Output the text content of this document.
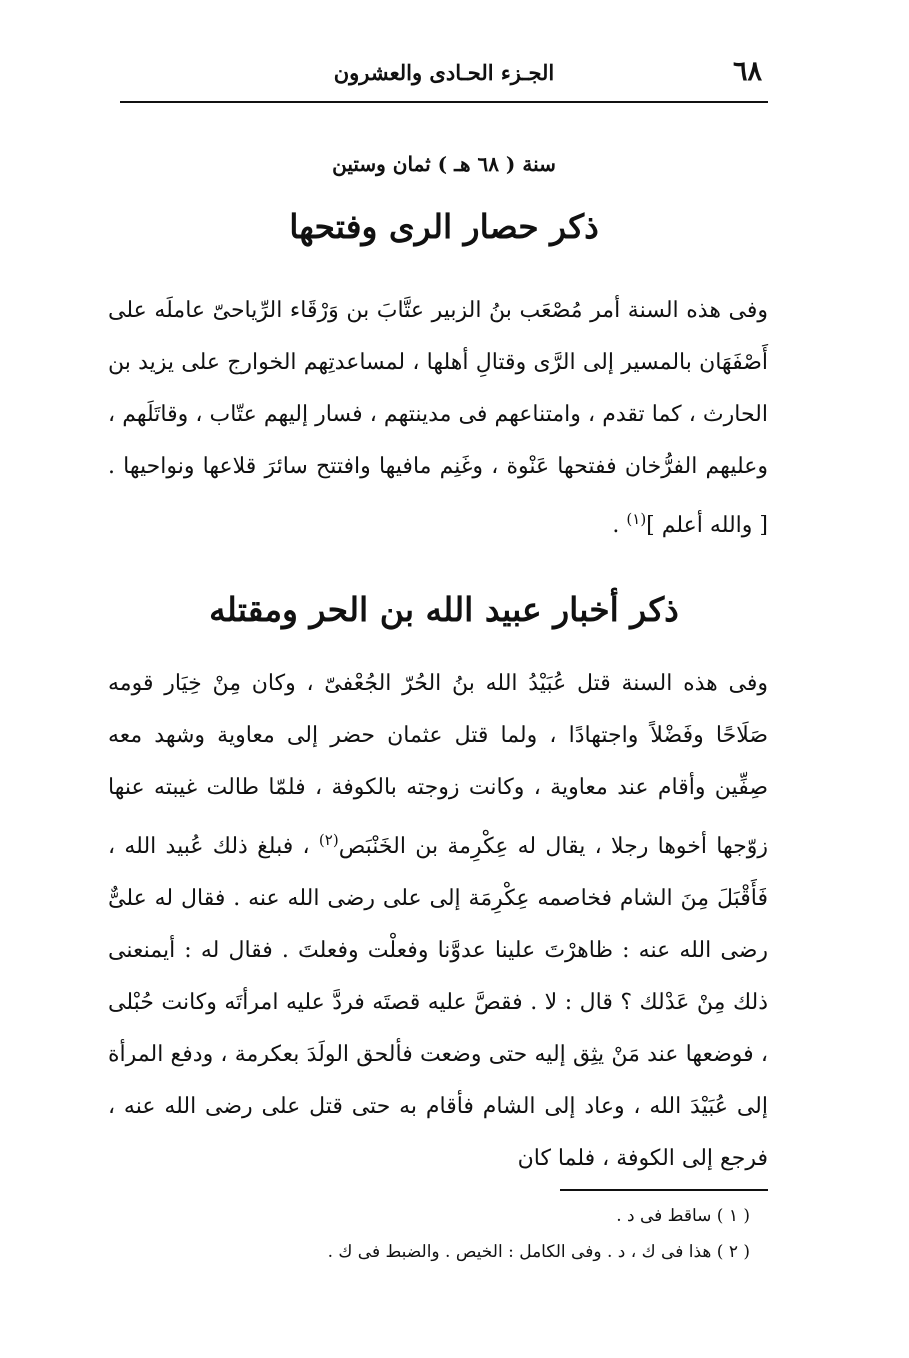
٦٨
الجـزء الحـادى والعشرون
سنة ( ٦٨ هـ ) ثمان وستين
ذكر حصار الرى وفتحها
وفى هذه السنة أمر مُصْعَب بنُ الزبير عتَّابَ بن وَرْقَاء الرِّياحىّ عاملَه على أَصْفَهَان بالمسير إلى الرَّى وقتالِ أهلها ، لمساعدتِهم الخوارج على يزيد بن الحارث ، كما تقدم ، وامتناعهم فى مدينتهم ، فسار إليهم عتّاب ، وقاتَلَهم ، وعليهم الفرُّخان ففتحها عَنْوة ، وغَنِم مافيها وافتتح سائرَ قلاعها ونواحيها . [ والله أعلم ]$^{(١)}$ .
ذكر أخبار عبيد الله بن الحر ومقتله
وفى هذه السنة قتل عُبَيْدُ الله بنُ الحُرّ الجُعْفىّ ، وكان مِنْ خِيَار قومه صَلَاحًا وفَضْلاً واجتهادًا ، ولما قتل عثمان حضر إلى معاوية وشهد معه صِفِّين وأقام عند معاوية ، وكانت زوجته بالكوفة ، فلمّا طالت غيبته عنها زوّجها أخوها رجلا ، يقال له عِكْرِمة بن الخَنْبَص$^{(٢)}$ ، فبلغ ذلك عُبيد الله ، فَأَقْبَلَ مِنَ الشام فخاصمه عِكْرِمَة إلى على رضى الله عنه . فقال له علىٌّ رضى الله عنه : ظاهرْتَ علينا عدوَّنا وفعلْت وفعلتَ . فقال له : أيمنعنى ذلك مِنْ عَدْلك ؟ قال : لا . فقصَّ عليه قصتَه فردَّ عليه امرأتَه وكانت حُبْلى ، فوضعها عند مَنْ يثِق إليه حتى وضعت فألحق الولَدَ بعكرمة ، ودفع المرأة إلى عُبَيْدَ الله ، وعاد إلى الشام فأقام به حتى قتل على رضى الله عنه ، فرجع إلى الكوفة ، فلما كان
( ١ ) ساقط فى د .
( ٢ ) هذا فى ك ، د . وفى الكامل : الخيص . والضبط فى ك .
